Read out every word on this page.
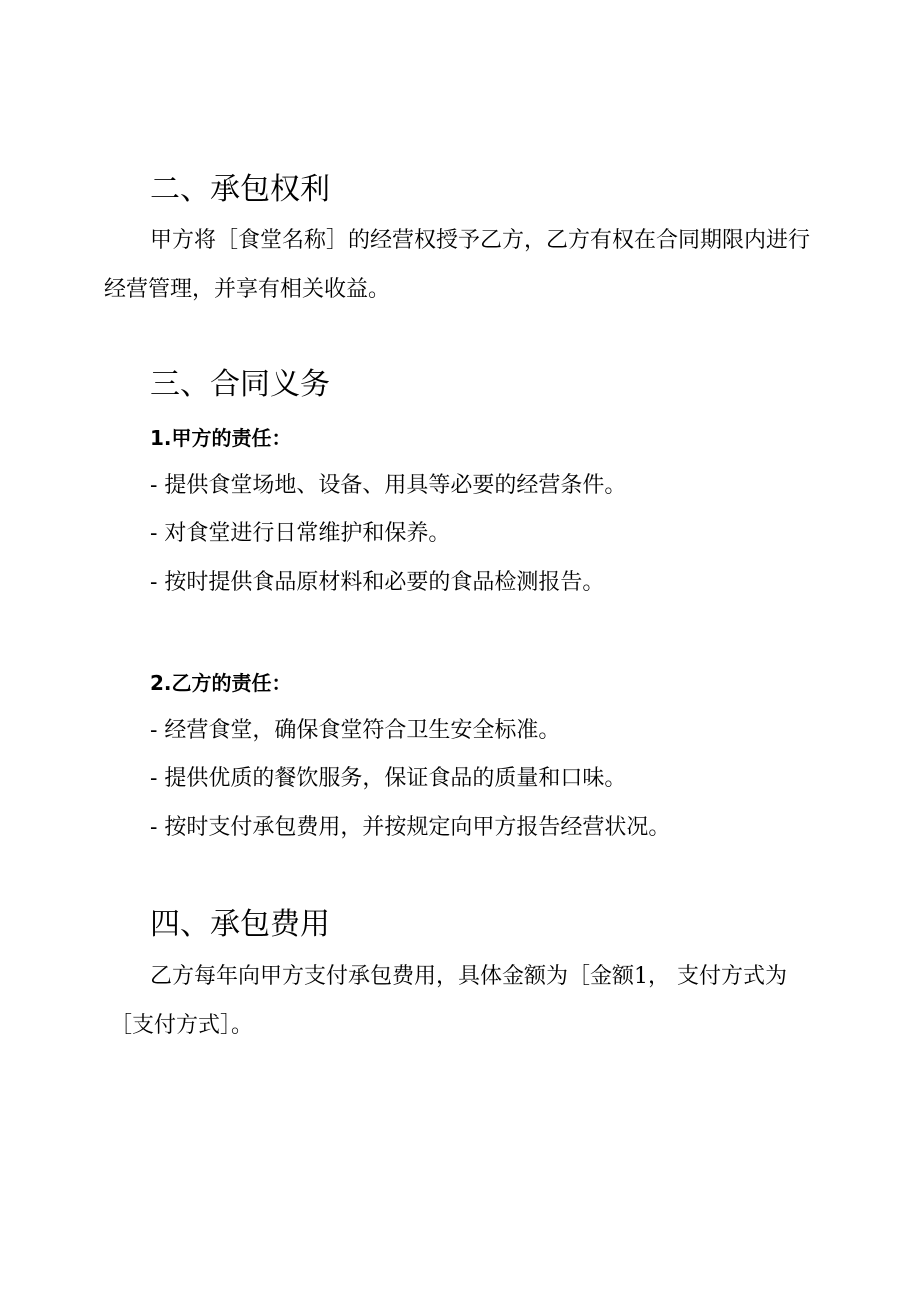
二、承包权利
甲方将［食堂名称］的经营权授予乙方，乙方有权在合同期限内进行
经营管理，并享有相关收益。
三、合同义务
1.甲方的责任：
- 提供食堂场地、设备、用具等必要的经营条件。
- 对食堂进行日常维护和保养。
- 按时提供食品原材料和必要的食品检测报告。
2.乙方的责任：
- 经营食堂，确保食堂符合卫生安全标准。
- 提供优质的餐饮服务，保证食品的质量和口味。
- 按时支付承包费用，并按规定向甲方报告经营状况。
四、承包费用
乙方每年向甲方支付承包费用，具体金额为［金额1， 支付方式为
［支付方式］。
